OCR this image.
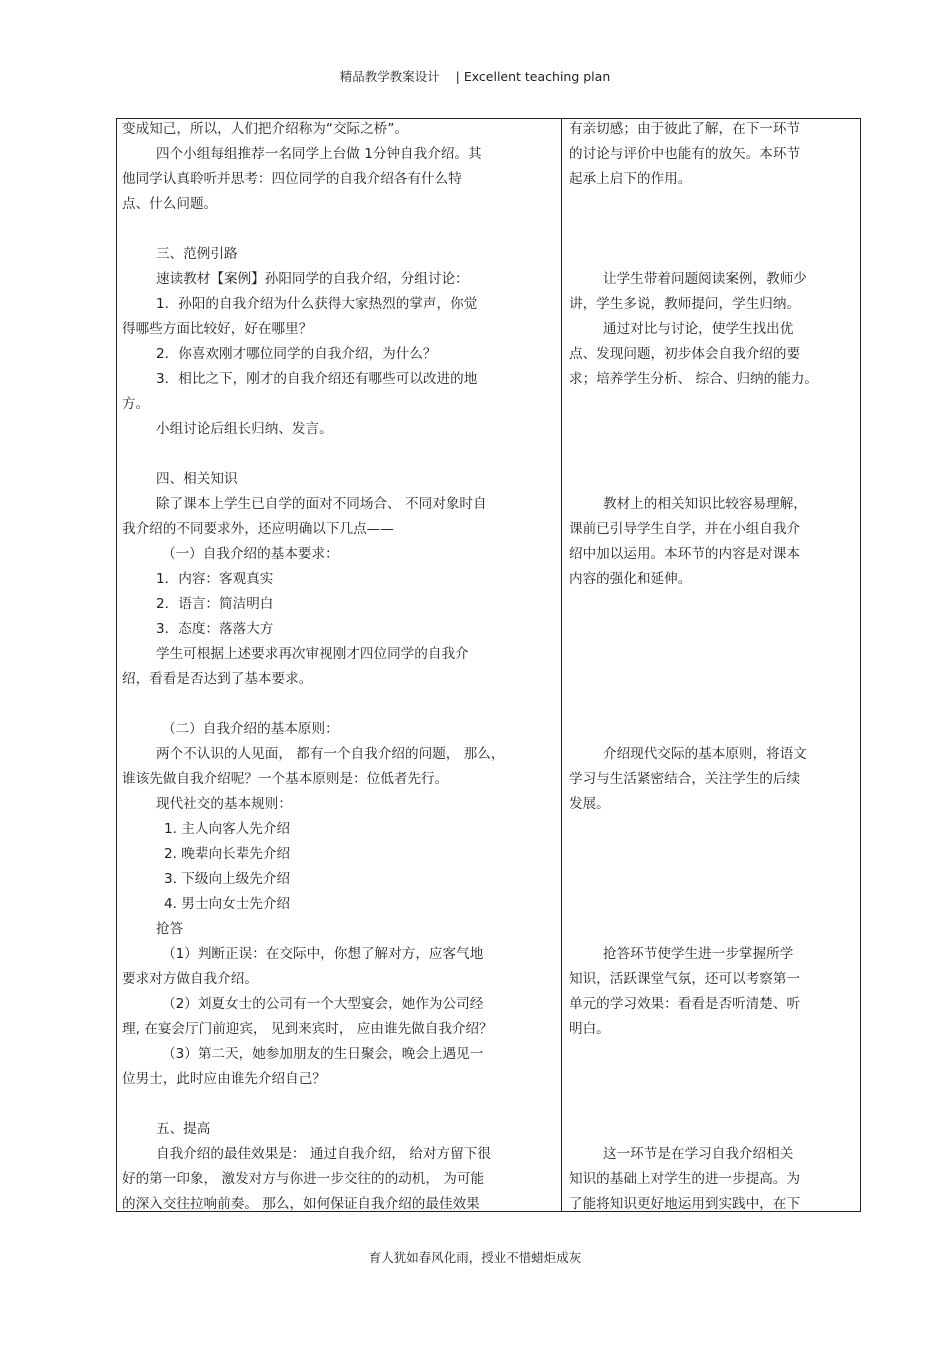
精品教学教案设计    | Excellent teaching plan
变成知己，所以，人们把介绍称为“交际之桥”。
四个小组每组推荐一名同学上台做 1分钟自我介绍。其
他同学认真聆听并思考：四位同学的自我介绍各有什么特
点、什么问题。
三、范例引路
速读教材【案例】孙阳同学的自我介绍，分组讨论：
1．孙阳的自我介绍为什么获得大家热烈的掌声，你觉
得哪些方面比较好，好在哪里？
2．你喜欢刚才哪位同学的自我介绍，为什么？
3．相比之下，刚才的自我介绍还有哪些可以改进的地
方。
小组讨论后组长归纳、发言。
四、相关知识
除了课本上学生已自学的面对不同场合、 不同对象时自
我介绍的不同要求外，还应明确以下几点——
（一）自我介绍的基本要求：
1．内容：客观真实
2．语言：简洁明白
3．态度：落落大方
学生可根据上述要求再次审视刚才四位同学的自我介
绍，看看是否达到了基本要求。
（二）自我介绍的基本原则：
两个不认识的人见面， 都有一个自我介绍的问题， 那么，
谁该先做自我介绍呢？一个基本原则是：位低者先行。
现代社交的基本规则：
1. 主人向客人先介绍
2. 晚辈向长辈先介绍
3. 下级向上级先介绍
4. 男士向女士先介绍
抢答
（1）判断正误：在交际中，你想了解对方，应客气地
要求对方做自我介绍。
（2）刘夏女士的公司有一个大型宴会，她作为公司经
理, 在宴会厅门前迎宾， 见到来宾时， 应由谁先做自我介绍？
（3）第二天，她参加朋友的生日聚会，晚会上遇见一
位男士，此时应由谁先介绍自己？
五、提高
自我介绍的最佳效果是： 通过自我介绍， 给对方留下很
好的第一印象， 激发对方与你进一步交往的的动机， 为可能
的深入交往拉响前奏。 那么，如何保证自我介绍的最佳效果
有亲切感；由于彼此了解，在下一环节
的讨论与评价中也能有的放矢。本环节
起承上启下的作用。
让学生带着问题阅读案例，教师少
讲，学生多说，教师提问，学生归纳。
通过对比与讨论，使学生找出优
点、发现问题，初步体会自我介绍的要
求；培养学生分析、 综合、归纳的能力。
教材上的相关知识比较容易理解，
课前已引导学生自学，并在小组自我介
绍中加以运用。本环节的内容是对课本
内容的强化和延伸。
介绍现代交际的基本原则，将语文
学习与生活紧密结合，关注学生的后续
发展。
抢答环节使学生进一步掌握所学
知识，活跃课堂气氛，还可以考察第一
单元的学习效果：看看是否听清楚、听
明白。
这一环节是在学习自我介绍相关
知识的基础上对学生的进一步提高。为
了能将知识更好地运用到实践中，在下
育人犹如春风化雨，授业不惜蜡炬成灰
